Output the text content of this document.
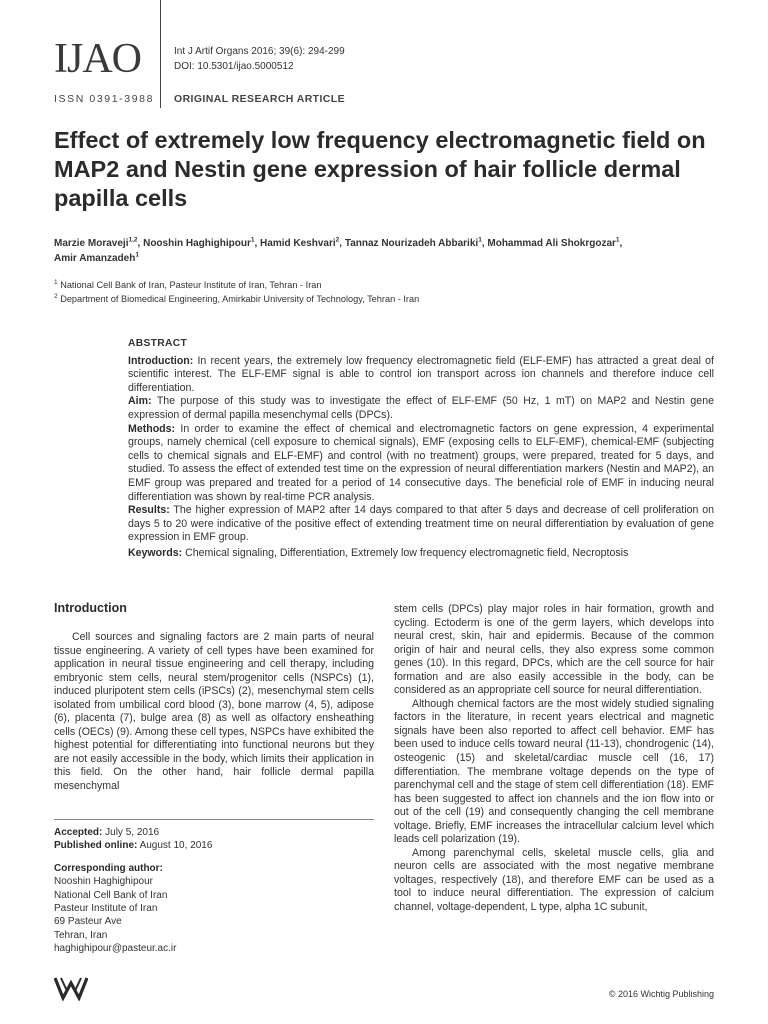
IJAO
ISSN 0391-3988
Int J Artif Organs 2016; 39(6): 294-299
DOI: 10.5301/ijao.5000512
ORIGINAL RESEARCH ARTICLE
Effect of extremely low frequency electromagnetic field on MAP2 and Nestin gene expression of hair follicle dermal papilla cells
Marzie Moraveji$^{1,2}$, Nooshin Haghighipour$^1$, Hamid Keshvari$^2$, Tannaz Nourizadeh Abbariki$^1$, Mohammad Ali Shokrgozar$^1$,
Amir Amanzadeh$^1$
$^1$ National Cell Bank of Iran, Pasteur Institute of Iran, Tehran - Iran
$^2$ Department of Biomedical Engineering, Amirkabir University of Technology, Tehran - Iran
ABSTRACT

Introduction: In recent years, the extremely low frequency electromagnetic field (ELF-EMF) has attracted a great deal of scientific interest. The ELF-EMF signal is able to control ion transport across ion channels and therefore induce cell differentiation.

Aim: The purpose of this study was to investigate the effect of ELF-EMF (50 Hz, 1 mT) on MAP2 and Nestin gene expression of dermal papilla mesenchymal cells (DPCs).

Methods: In order to examine the effect of chemical and electromagnetic factors on gene expression, 4 experimental groups, namely chemical (cell exposure to chemical signals), EMF (exposing cells to ELF-EMF), chemical-EMF (subjecting cells to chemical signals and ELF-EMF) and control (with no treatment) groups, were prepared, treated for 5 days, and studied. To assess the effect of extended test time on the expression of neural differentiation markers (Nestin and MAP2), an EMF group was prepared and treated for a period of 14 consecutive days. The beneficial role of EMF in inducing neural differentiation was shown by real-time PCR analysis.

Results: The higher expression of MAP2 after 14 days compared to that after 5 days and decrease of cell proliferation on days 5 to 20 were indicative of the positive effect of extending treatment time on neural differentiation by evaluation of gene expression in EMF group.

Keywords: Chemical signaling, Differentiation, Extremely low frequency electromagnetic field, Necroptosis

Introduction

Cell sources and signaling factors are 2 main parts of neural tissue engineering. A variety of cell types have been examined for application in neural tissue engineering and cell therapy, including embryonic stem cells, neural stem/progenitor cells (NSPCs) (1), induced pluripotent stem cells (iPSCs) (2), mesenchymal stem cells isolated from umbilical cord blood (3), bone marrow (4, 5), adipose (6), placenta (7), bulge area (8) as well as olfactory ensheathing cells (OECs) (9). Among these cell types, NSPCs have exhibited the highest potential for differentiating into functional neurons but they are not easily accessible in the body, which limits their application in this field. On the other hand, hair follicle dermal papilla mesenchymal

stem cells (DPCs) play major roles in hair formation, growth and cycling. Ectoderm is one of the germ layers, which develops into neural crest, skin, hair and epidermis. Because of the common origin of hair and neural cells, they also express some common genes (10). In this regard, DPCs, which are the cell source for hair formation and are also easily accessible in the body, can be considered as an appropriate cell source for neural differentiation.

Although chemical factors are the most widely studied signaling factors in the literature, in recent years electrical and magnetic signals have been also reported to affect cell behavior. EMF has been used to induce cells toward neural (11-13), chondrogenic (14), osteogenic (15) and skeletal/cardiac muscle cell (16, 17) differentiation. The membrane voltage depends on the type of parenchymal cell and the stage of stem cell differentiation (18). EMF has been suggested to affect ion channels and the ion flow into or out of the cell (19) and consequently changing the cell membrane voltage. Briefly, EMF increases the intracellular calcium level which leads cell polarization (19).

Among parenchymal cells, skeletal muscle cells, glia and neuron cells are associated with the most negative membrane voltages, respectively (18), and therefore EMF can be used as a tool to induce neural differentiation. The expression of calcium channel, voltage-dependent, L type, alpha 1C subunit,

Accepted: July 5, 2016
Published online: August 10, 2016
Corresponding author:
Nooshin Haghighipour
National Cell Bank of Iran
Pasteur Institute of Iran
69 Pasteur Ave
Tehran, Iran
haghighipour@pasteur.ac.ir
© 2016 Wichtig Publishing
